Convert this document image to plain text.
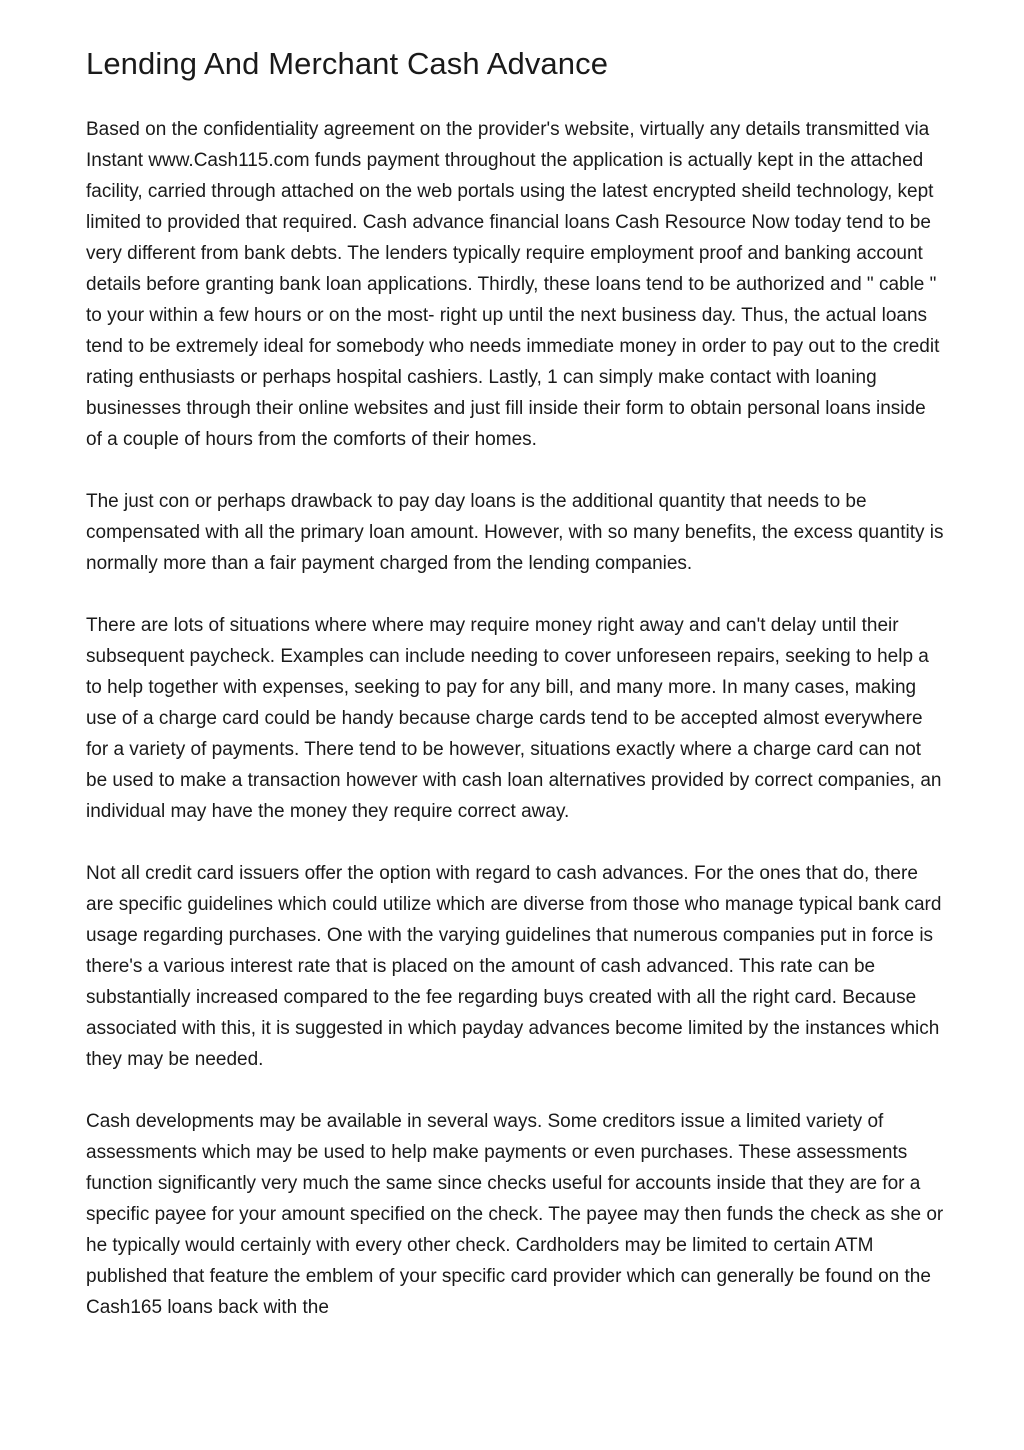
Lending And Merchant Cash Advance

Based on the confidentiality agreement on the provider's website, virtually any details transmitted via Instant www.Cash115.com funds payment throughout the application is actually kept in the attached facility, carried through attached on the web portals using the latest encrypted sheild technology, kept limited to provided that required. Cash advance financial loans Cash Resource Now today tend to be very different from bank debts. The lenders typically require employment proof and banking account details before granting bank loan applications. Thirdly, these loans tend to be authorized and " cable " to your within a few hours or on the most- right up until the next business day. Thus, the actual loans tend to be extremely ideal for somebody who needs immediate money in order to pay out to the credit rating enthusiasts or perhaps hospital cashiers. Lastly, 1 can simply make contact with loaning businesses through their online websites and just fill inside their form to obtain personal loans inside of a couple of hours from the comforts of their homes.

The just con or perhaps drawback to pay day loans is the additional quantity that needs to be compensated with all the primary loan amount. However, with so many benefits, the excess quantity is normally more than a fair payment charged from the lending companies.

There are lots of situations where where may require money right away and can't delay until their subsequent paycheck. Examples can include needing to cover unforeseen repairs, seeking to help a to help together with expenses, seeking to pay for any bill, and many more. In many cases, making use of a charge card could be handy because charge cards tend to be accepted almost everywhere for a variety of payments. There tend to be however, situations exactly where a charge card can not be used to make a transaction however with cash loan alternatives provided by correct companies, an individual may have the money they require correct away.

Not all credit card issuers offer the option with regard to cash advances. For the ones that do, there are specific guidelines which could utilize which are diverse from those who manage typical bank card usage regarding purchases. One with the varying guidelines that numerous companies put in force is there's a various interest rate that is placed on the amount of cash advanced. This rate can be substantially increased compared to the fee regarding buys created with all the right card. Because associated with this, it is suggested in which payday advances become limited by the instances which they may be needed.

Cash developments may be available in several ways. Some creditors issue a limited variety of assessments which may be used to help make payments or even purchases. These assessments function significantly very much the same since checks useful for accounts inside that they are for a specific payee for your amount specified on the check. The payee may then funds the check as she or he typically would certainly with every other check. Cardholders may be limited to certain ATM published that feature the emblem of your specific card provider which can generally be found on the Cash165 loans back with the
